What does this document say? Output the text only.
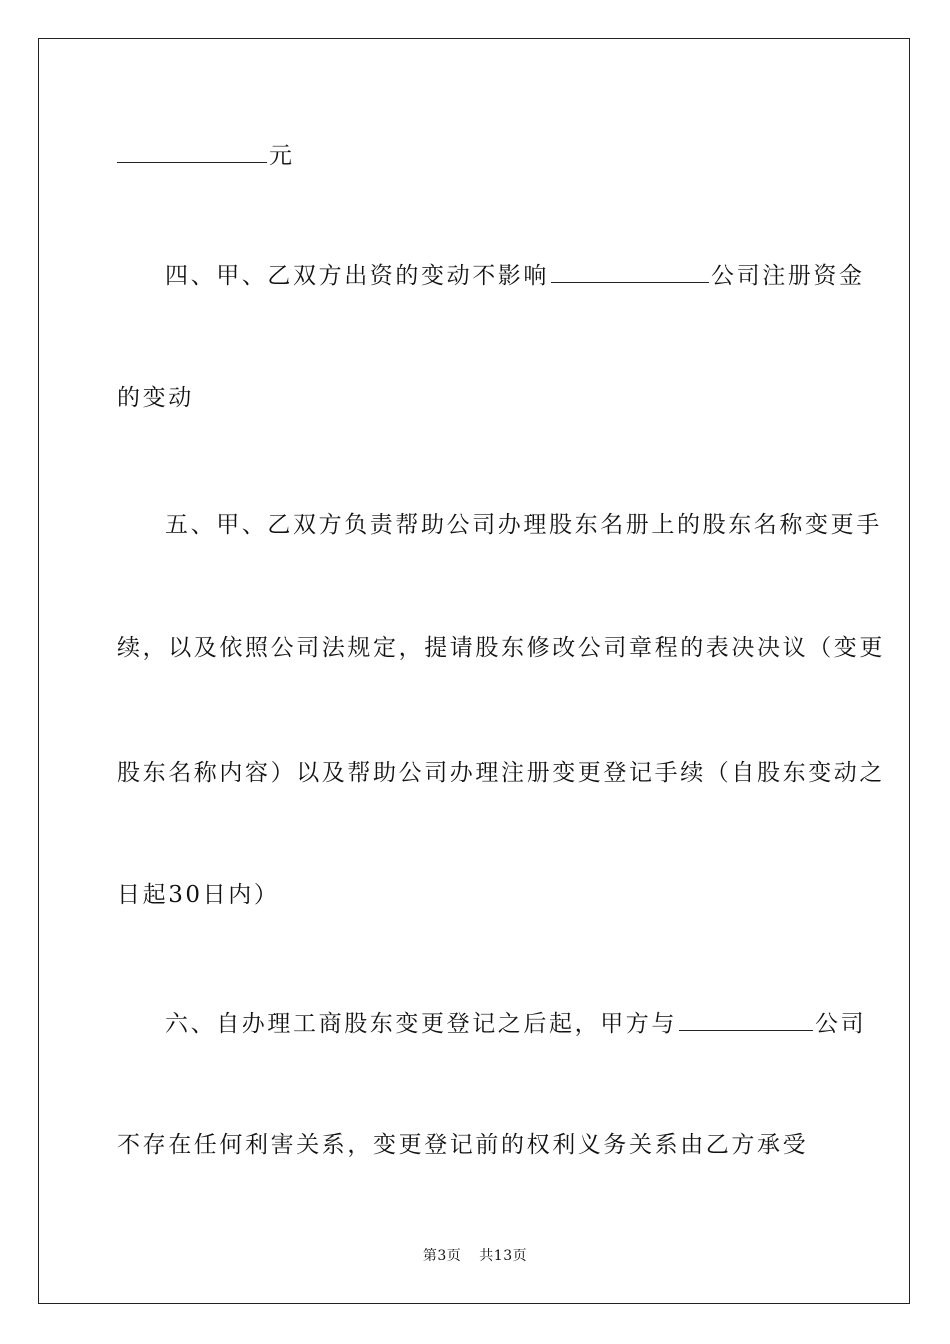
元
四、甲、乙双方出资的变动不影响	公司注册资金
的变动
五、甲、乙双方负责帮助公司办理股东名册上的股东名称变更手
续，以及依照公司法规定，提请股东修改公司章程的表决决议（变更
股东名称内容）以及帮助公司办理注册变更登记手续（自股东变动之
日起30日内）
六、自办理工商股东变更登记之后起，甲方与	公司
不存在任何利害关系，变更登记前的权利义务关系由乙方承受
第3页 共13页
